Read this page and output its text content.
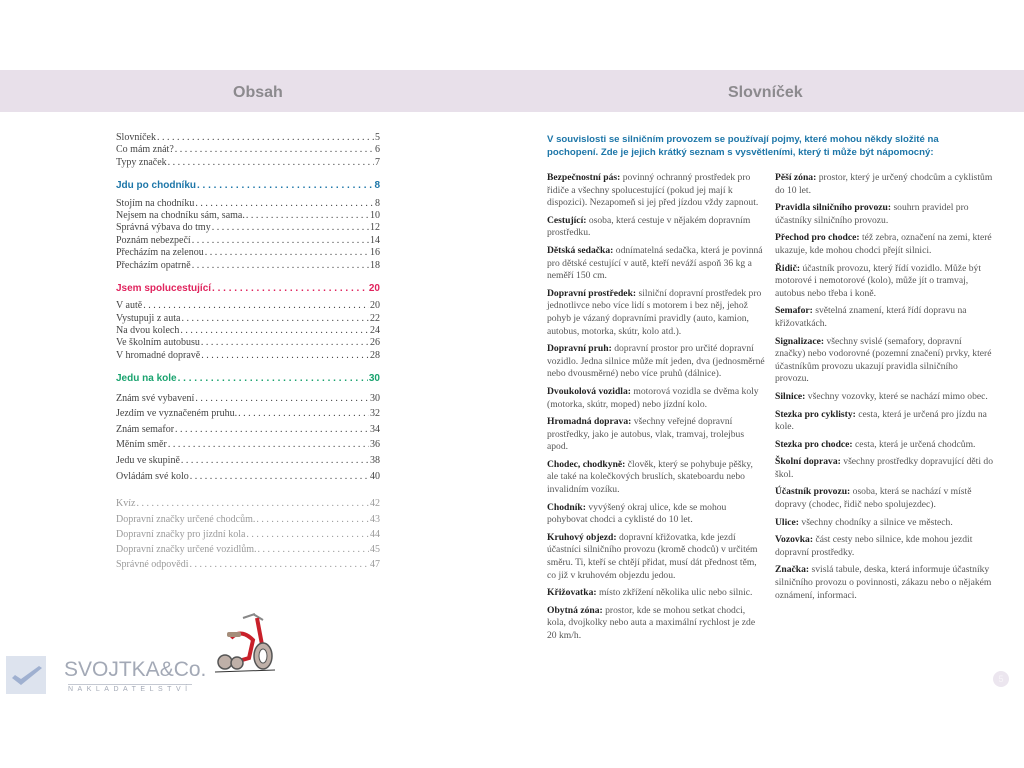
Obsah	Slovníček
Slovníček . . .	5
Co mám znát? . . .	6
Typy značek . . .	7
Jdu po chodníku . . .	8
Stojím na chodníku . . .	8
Nejsem na chodníku sám, sama. . . .	10
Správná výbava do tmy . . .	12
Poznám nebezpečí . . .	14
Přecházím na zelenou . . .	16
Přecházím opatrně . . .	18
Jsem spolucestující . . .	20
V autě . . .	20
Vystupuji z auta . . .	22
Na dvou kolech . . .	24
Ve školním autobusu . . .	26
V hromadné dopravě . . .	28
Jedu na kole . . .	30
Znám své vybavení . . .	30
Jezdím ve vyznačeném pruhu. . . .	32
Znám semafor . . .	34
Měním směr . . .	36
Jedu ve skupině . . .	38
Ovládám své kolo . . .	40
Kvíz . . .	42
Dopravní značky určené chodcům. . . .	43
Dopravní značky pro jízdní kola . . .	44
Dopravní značky určené vozidlům. . . .	45
Správné odpovědi . . .	47
V souvislosti se silničním provozem se používají pojmy, které mohou někdy složité na pochopení. Zde je jejich krátký seznam s vysvětleními, který ti může být nápomocný:

Bezpečnostní pás: povinný ochranný prostředek pro řidiče a všechny spolucestující (pokud jej mají k dispozici). Nezapomeň si jej před jízdou vždy zapnout.

Cestující: osoba, která cestuje v nějakém dopravním prostředku.

Dětská sedačka: odnímatelná sedačka, která je povinná pro dětské cestující v autě, kteří neváží aspoň 36 kg a neměří 150 cm.

Dopravní prostředek: silniční dopravní prostředek pro jednotlivce nebo více lidí s motorem i bez něj, jehož pohyb je vázaný dopravními pravidly (auto, kamion, autobus, motorka, skútr, kolo atd.).

Dopravní pruh: dopravní prostor pro určité dopravní vozidlo. Jedna silnice může mít jeden, dva (jednosměrné nebo dvousměrné) nebo více pruhů (dálnice).

Dvoukolová vozidla: motorová vozidla se dvěma koly (motorka, skútr, moped) nebo jízdní kolo.

Hromadná doprava: všechny veřejné dopravní prostředky, jako je autobus, vlak, tramvaj, trolejbus apod.

Chodec, chodkyně: člověk, který se pohybuje pěšky, ale také na kolečkových bruslích, skateboardu nebo invalidním vozíku.

Chodník: vyvýšený okraj ulice, kde se mohou pohybovat chodci a cyklisté do 10 let.

Kruhový objezd: dopravní křižovatka, kde jezdí účastníci silničního provozu (kromě chodců) v určitém směru. Ti, kteří se chtějí přidat, musí dát přednost těm, co již v kruhovém objezdu jedou.

Křižovatka: místo zkřížení několika ulic nebo silnic.

Obytná zóna: prostor, kde se mohou setkat chodci, kola, dvojkolky nebo auta a maximální rychlost je zde 20 km/h.

Pěší zóna: prostor, který je určený chodcům a cyklistům do 10 let.

Pravidla silničního provozu: souhrn pravidel pro účastníky silničního provozu.

Přechod pro chodce: též zebra, označení na zemi, které ukazuje, kde mohou chodci přejít silnici.

Řidič: účastník provozu, který řídí vozidlo. Může být motorové i nemotorové (kolo), může jít o tramvaj, autobus nebo třeba i koně.

Semafor: světelná znamení, která řídí dopravu na křižovatkách.

Signalizace: všechny svislé (semafory, dopravní značky) nebo vodorovné (pozemní značení) prvky, které účastníkům provozu ukazují pravidla silničního provozu.

Silnice: všechny vozovky, které se nachází mimo obec.

Stezka pro cyklisty: cesta, která je určená pro jízdu na kole.

Stezka pro chodce: cesta, která je určená chodcům.

Školní doprava: všechny prostředky dopravující děti do škol.

Účastník provozu: osoba, která se nachází v místě dopravy (chodec, řidič nebo spolujezdec).

Ulice: všechny chodníky a silnice ve městech.

Vozovka: část cesty nebo silnice, kde mohou jezdit dopravní prostředky.

Značka: svislá tabule, deska, která informuje účastníky silničního provozu o povinnosti, zákazu nebo o nějakém oznámení, informaci.

SVOJTKA&Co.
NAKLADATELSTVÍ
5
